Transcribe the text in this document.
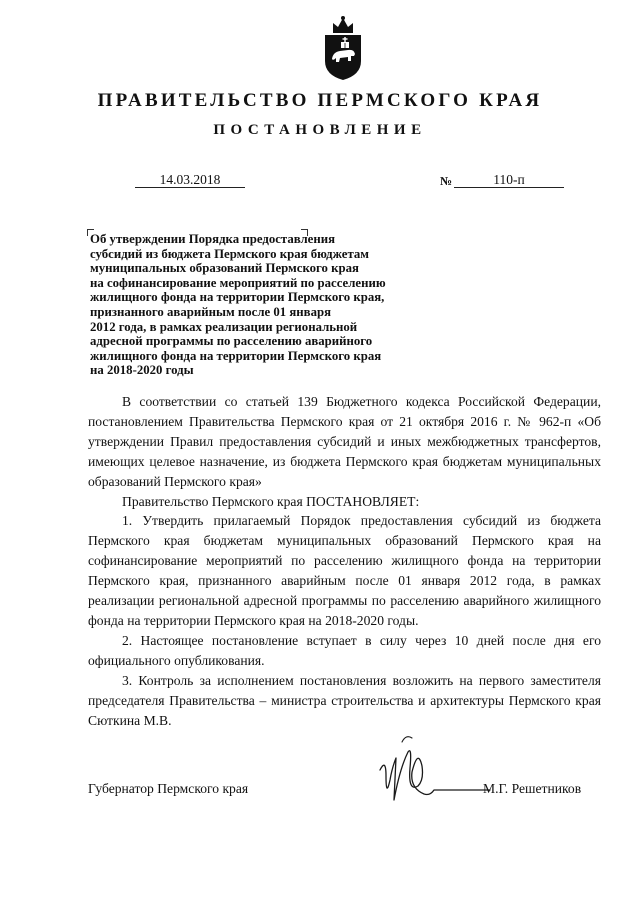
ПРАВИТЕЛЬСТВО ПЕРМСКОГО КРАЯ
ПОСТАНОВЛЕНИЕ
14.03.2018	№	110-п
Об утверждении Порядка предоставления
субсидий из бюджета Пермского края бюджетам
муниципальных образований Пермского края
на софинансирование мероприятий по расселению
жилищного фонда на территории Пермского края,
признанного аварийным после 01 января
2012 года, в рамках реализации региональной
адресной программы по расселению аварийного
жилищного фонда на территории Пермского края
на 2018-2020 годы

В соответствии со статьей 139 Бюджетного кодекса Российской Федерации, постановлением Правительства Пермского края от 21 октября 2016 г. № 962-п «Об утверждении Правил предоставления субсидий и иных межбюджетных трансфертов, имеющих целевое назначение, из бюджета Пермского края бюджетам муниципальных образований Пермского края»

Правительство Пермского края ПОСТАНОВЛЯЕТ:

1. Утвердить прилагаемый Порядок предоставления субсидий из бюджета Пермского края бюджетам муниципальных образований Пермского края на софинансирование мероприятий по расселению жилищного фонда на территории Пермского края, признанного аварийным после 01 января 2012 года, в рамках реализации региональной адресной программы по расселению аварийного жилищного фонда на территории Пермского края на 2018-2020 годы.

2. Настоящее постановление вступает в силу через 10 дней после дня его официального опубликования.

3. Контроль за исполнением постановления возложить на первого заместителя председателя Правительства – министра строительства и архитектуры Пермского края Сюткина М.В.

Губернатор Пермского края	М.Г. Решетников
